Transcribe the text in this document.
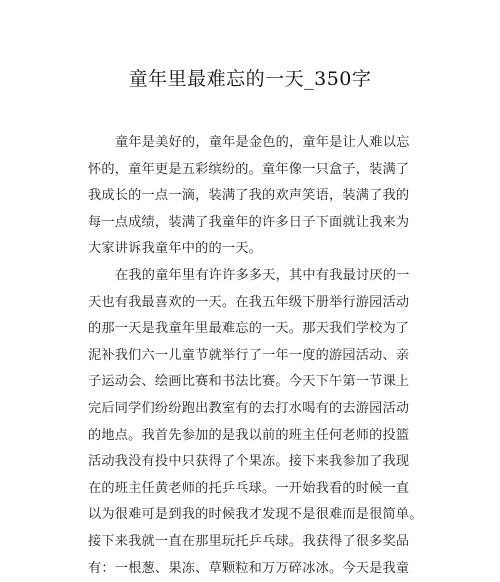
童年里最难忘的一天_350字
童年是美好的，童年是金色的，童年是让人难以忘
怀的，童年更是五彩缤纷的。童年像一只盒子，装满了
我成长的一点一滴，装满了我的欢声笑语，装满了我的
每一点成绩，装满了我童年的许多日子下面就让我来为
大家讲诉我童年中的的一天。
在我的童年里有许许多多天，其中有我最讨厌的一
天也有我最喜欢的一天。在我五年级下册举行游园活动
的那一天是我童年里最难忘的一天。那天我们学校为了
泥补我们六一儿童节就举行了一年一度的游园活动、亲
子运动会、绘画比赛和书法比赛。今天下午第一节课上
完后同学们纷纷跑出教室有的去打水喝有的去游园活动
的地点。我首先参加的是我以前的班主任何老师的投篮
活动我没有投中只获得了个果冻。接下来我参加了我现
在的班主任黄老师的托乒乓球。一开始我看的时候一直
以为很难可是到我的时候我才发现不是很难而是很简单。
接下来我就一直在那里玩托乒乓球。我获得了很多奖品
有：一根葱、果冻、草颗粒和万万碎冰冰。今天是我童
